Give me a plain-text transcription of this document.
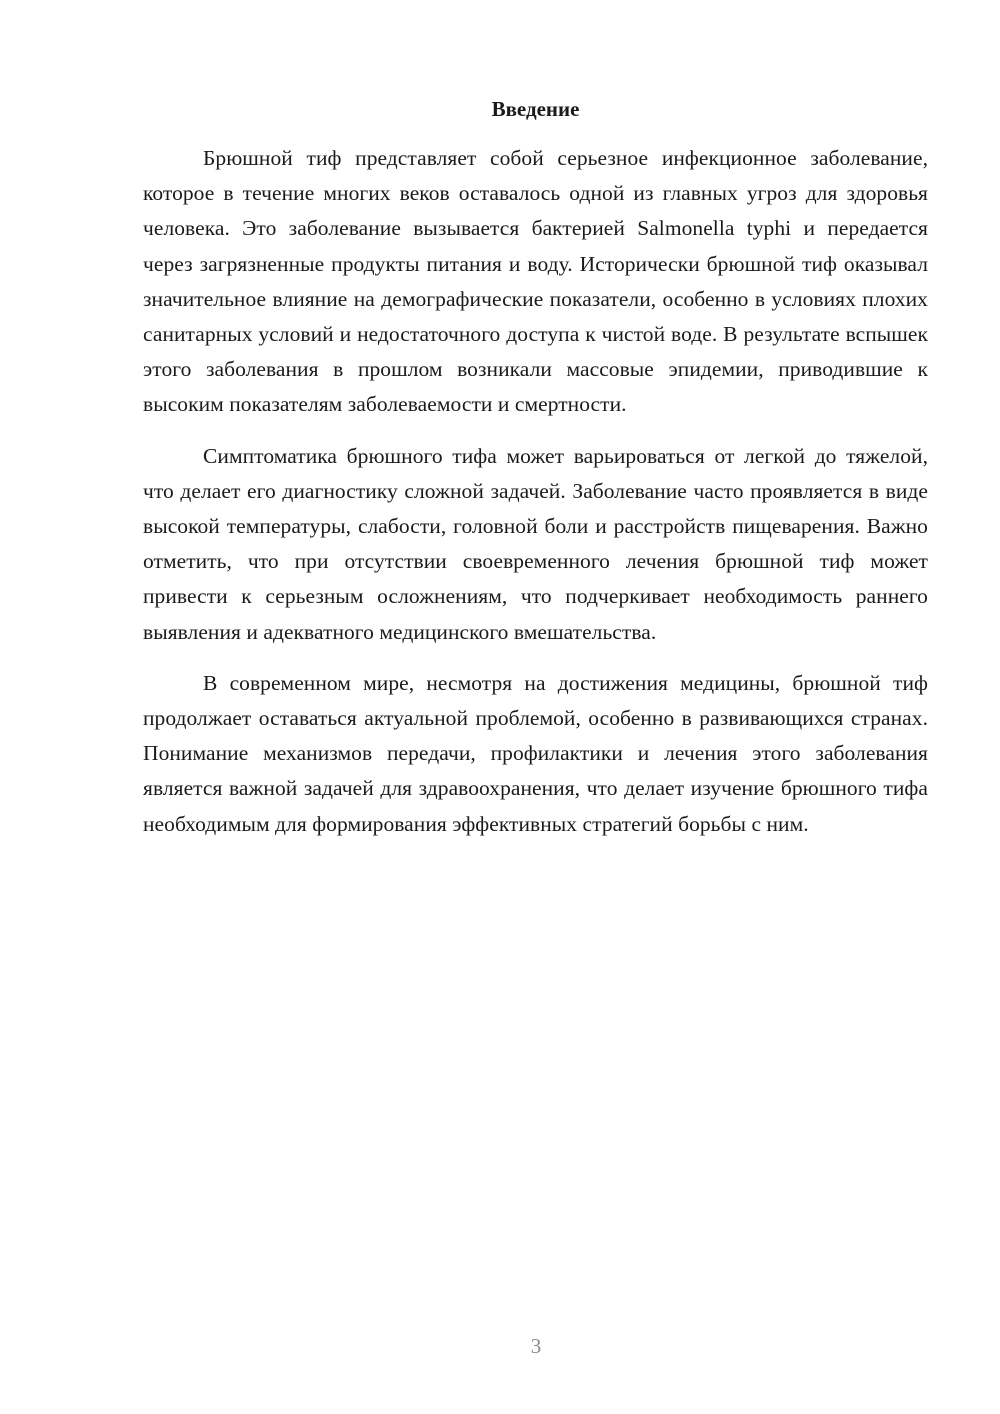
Введение

Брюшной тиф представляет собой серьезное инфекционное заболевание, которое в течение многих веков оставалось одной из главных угроз для здоровья человека. Это заболевание вызывается бактерией Salmonella typhi и передается через загрязненные продукты питания и воду. Исторически брюшной тиф оказывал значительное влияние на демографические показатели, особенно в условиях плохих санитарных условий и недостаточного доступа к чистой воде. В результате вспышек этого заболевания в прошлом возникали массовые эпидемии, приводившие к высоким показателям заболеваемости и смертности.

Симптоматика брюшного тифа может варьироваться от легкой до тяжелой, что делает его диагностику сложной задачей. Заболевание часто проявляется в виде высокой температуры, слабости, головной боли и расстройств пищеварения. Важно отметить, что при отсутствии своевременного лечения брюшной тиф может привести к серьезным осложнениям, что подчеркивает необходимость раннего выявления и адекватного медицинского вмешательства.

В современном мире, несмотря на достижения медицины, брюшной тиф продолжает оставаться актуальной проблемой, особенно в развивающихся странах. Понимание механизмов передачи, профилактики и лечения этого заболевания является важной задачей для здравоохранения, что делает изучение брюшного тифа необходимым для формирования эффективных стратегий борьбы с ним.

3
